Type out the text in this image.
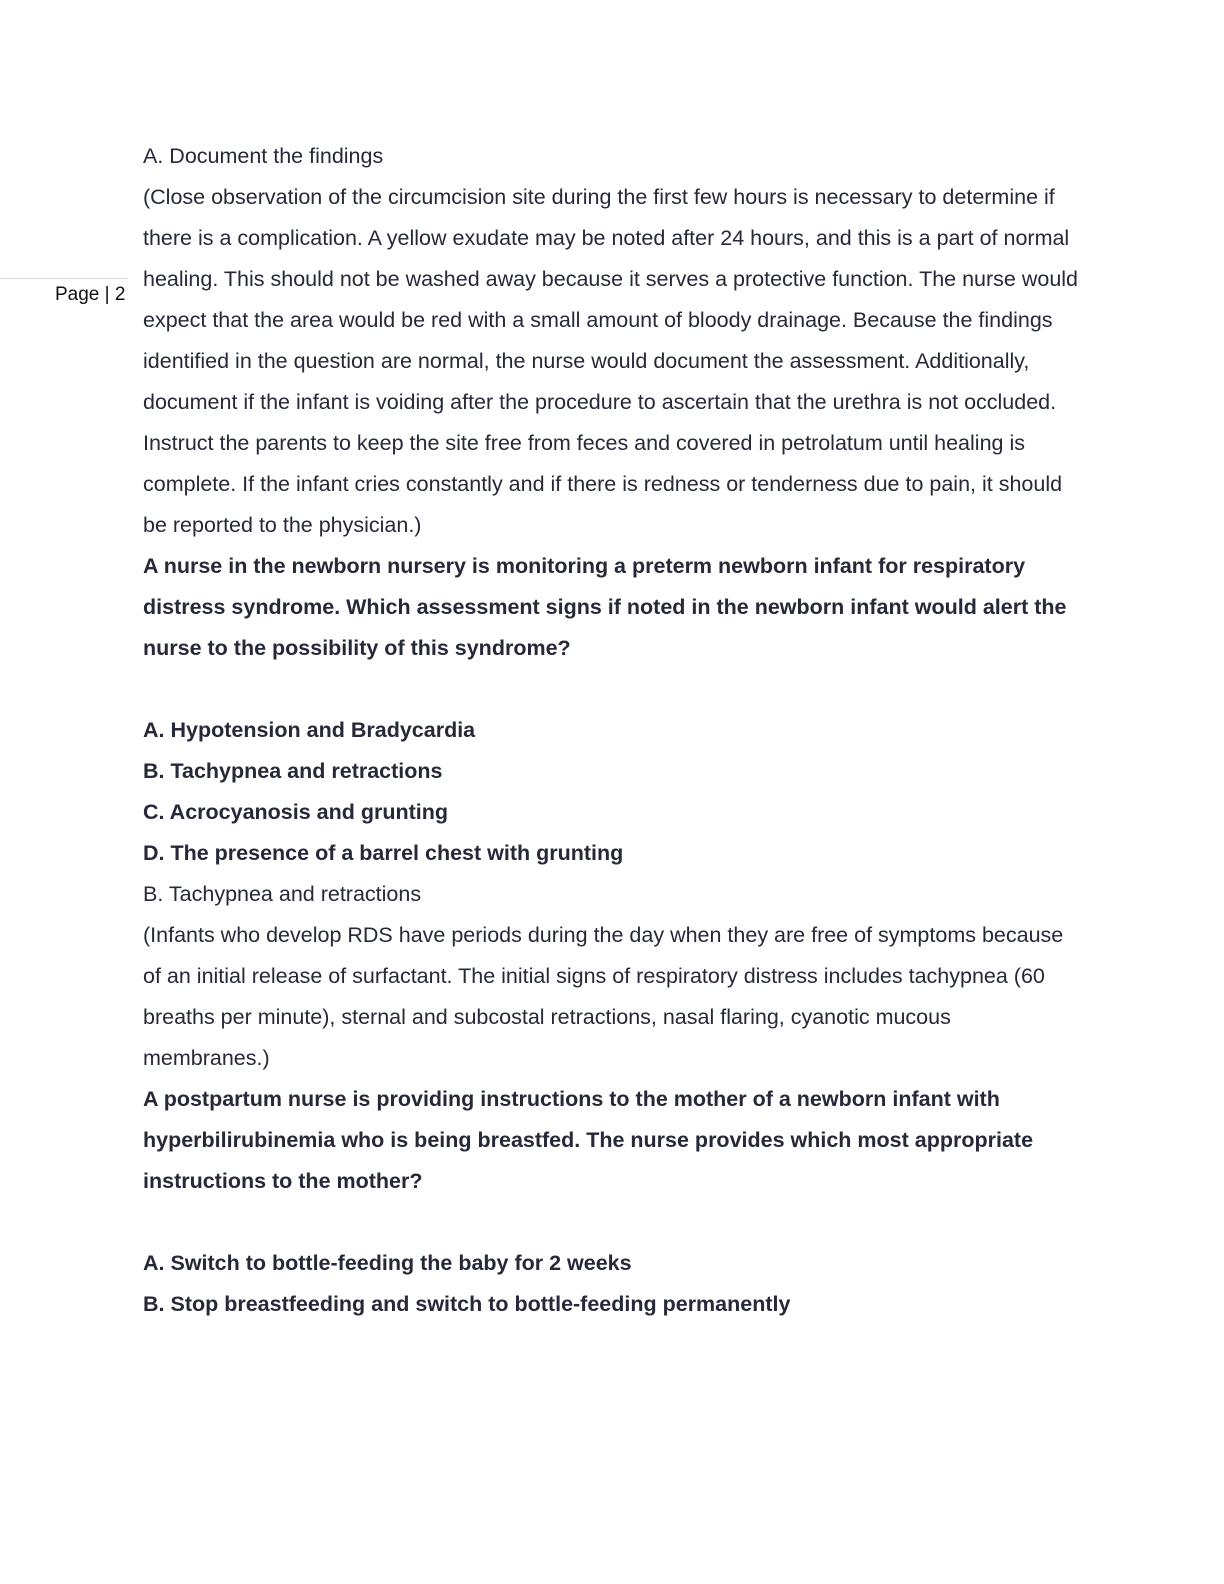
Page | 2

A. Document the findings

(Close observation of the circumcision site during the first few hours is necessary to determine if there is a complication. A yellow exudate may be noted after 24 hours, and this is a part of normal healing. This should not be washed away because it serves a protective function. The nurse would expect that the area would be red with a small amount of bloody drainage. Because the findings identified in the question are normal, the nurse would document the assessment. Additionally, document if the infant is voiding after the procedure to ascertain that the urethra is not occluded. Instruct the parents to keep the site free from feces and covered in petrolatum until healing is complete. If the infant cries constantly and if there is redness or tenderness due to pain, it should be reported to the physician.)

A nurse in the newborn nursery is monitoring a preterm newborn infant for respiratory distress syndrome. Which assessment signs if noted in the newborn infant would alert the nurse to the possibility of this syndrome?

A. Hypotension and Bradycardia

B. Tachypnea and retractions

C. Acrocyanosis and grunting

D. The presence of a barrel chest with grunting

B. Tachypnea and retractions

(Infants who develop RDS have periods during the day when they are free of symptoms because of an initial release of surfactant. The initial signs of respiratory distress includes tachypnea (60 breaths per minute), sternal and subcostal retractions, nasal flaring, cyanotic mucous membranes.)

A postpartum nurse is providing instructions to the mother of a newborn infant with hyperbilirubinemia who is being breastfed. The nurse provides which most appropriate instructions to the mother?

A. Switch to bottle-feeding the baby for 2 weeks

B. Stop breastfeeding and switch to bottle-feeding permanently
